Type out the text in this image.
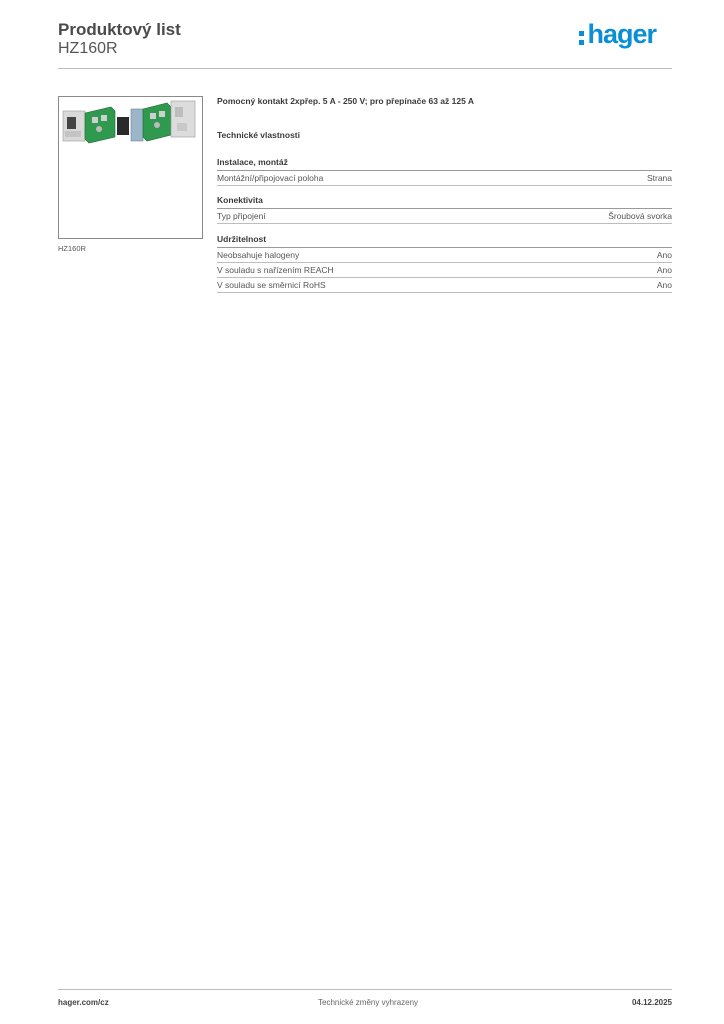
Produktový list
HZ160R	hager
HZ160R

Pomocný kontakt 2xpřep. 5 A - 250 V; pro přepínače 63 až 125 A

Technické vlastnosti

Instalace, montáž
Montážní/připojovací poloha	Strana
Konektivita
Typ připojení	Šroubová svorka
Udržitelnost
Neobsahuje halogeny	Ano
V souladu s nařízením REACH	Ano
V souladu se směrnicí RoHS	Ano
hager.com/cz	Technické změny vyhrazeny	04.12.2025
